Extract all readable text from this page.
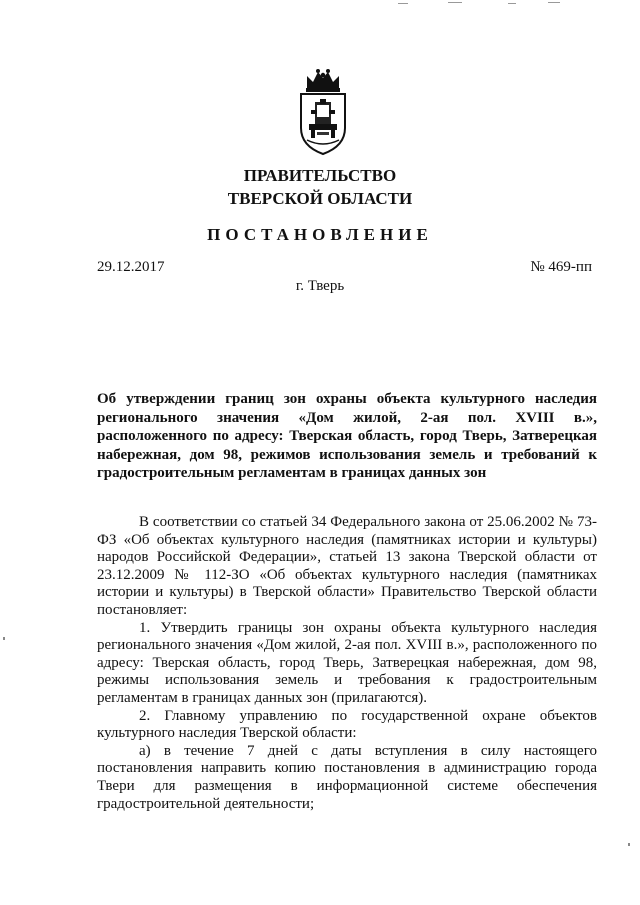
ПРАВИТЕЛЬСТВО
ТВЕРСКОЙ ОБЛАСТИ
ПОСТАНОВЛЕНИЕ
29.12.2017	№ 469-пп
г. Тверь
Об утверждении границ зон охраны объекта культурного наследия регионального значения «Дом жилой, 2-ая пол. XVIII в.», расположенного по адресу: Тверская область, город Тверь, Затверецкая набережная, дом 98, режимов использования земель и требований к градостроительным регламентам в границах данных зон

В соответствии со статьей 34 Федерального закона от 25.06.2002 № 73-ФЗ «Об объектах культурного наследия (памятниках истории и культуры) народов Российской Федерации», статьей 13 закона Тверской области от 23.12.2009 № 112-ЗО «Об объектах культурного наследия (памятниках истории и культуры) в Тверской области» Правительство Тверской области постановляет:

1. Утвердить границы зон охраны объекта культурного наследия регионального значения «Дом жилой, 2-ая пол. XVIII в.», расположенного по адресу: Тверская область, город Тверь, Затверецкая набережная, дом 98, режимы использования земель и требования к градостроительным регламентам в границах данных зон (прилагаются).

2. Главному управлению по государственной охране объектов культурного наследия Тверской области:

а) в течение 7 дней с даты вступления в силу настоящего постановления направить копию постановления в администрацию города Твери для размещения в информационной системе обеспечения градостроительной деятельности;
